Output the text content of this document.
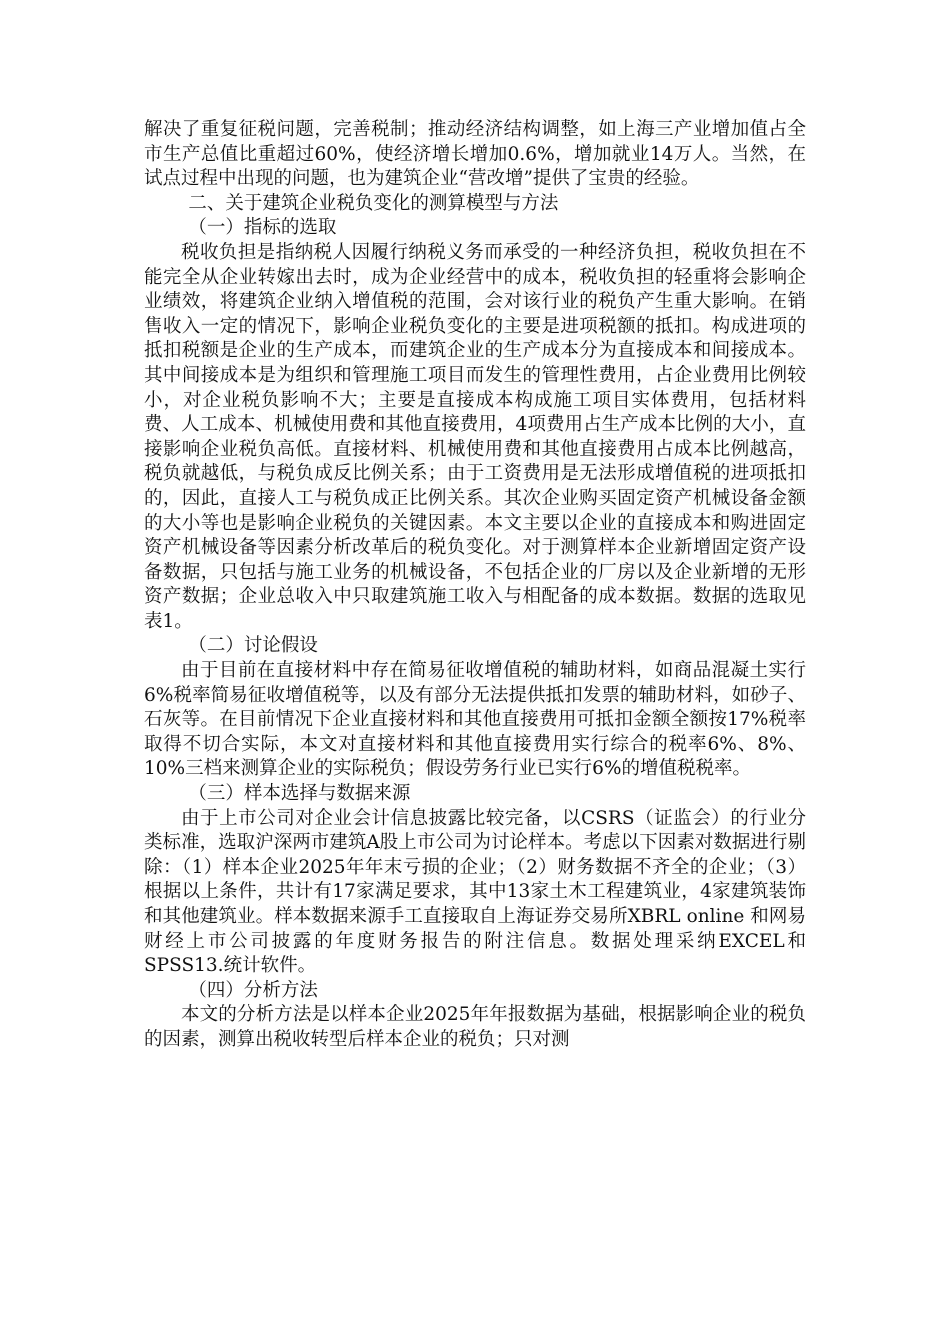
解决了重复征税问题，完善税制；推动经济结构调整，如上海三产业增加值占全市生产总值比重超过60%，使经济增长增加0.6%，增加就业14万人。当然，在试点过程中出现的问题，也为建筑企业“营改增”提供了宝贵的经验。

二、关于建筑企业税负变化的测算模型与方法

（一）指标的选取

税收负担是指纳税人因履行纳税义务而承受的一种经济负担，税收负担在不能完全从企业转嫁出去时，成为企业经营中的成本，税收负担的轻重将会影响企业绩效，将建筑企业纳入增值税的范围，会对该行业的税负产生重大影响。在销售收入一定的情况下，影响企业税负变化的主要是进项税额的抵扣。构成进项的抵扣税额是企业的生产成本，而建筑企业的生产成本分为直接成本和间接成本。其中间接成本是为组织和管理施工项目而发生的管理性费用，占企业费用比例较小，对企业税负影响不大；主要是直接成本构成施工项目实体费用，包括材料费、人工成本、机械使用费和其他直接费用，4项费用占生产成本比例的大小，直接影响企业税负高低。直接材料、机械使用费和其他直接费用占成本比例越高，税负就越低，与税负成反比例关系；由于工资费用是无法形成增值税的进项抵扣的，因此，直接人工与税负成正比例关系。其次企业购买固定资产机械设备金额的大小等也是影响企业税负的关键因素。本文主要以企业的直接成本和购进固定资产机械设备等因素分析改革后的税负变化。对于测算样本企业新增固定资产设备数据，只包括与施工业务的机械设备，不包括企业的厂房以及企业新增的无形资产数据；企业总收入中只取建筑施工收入与相配备的成本数据。数据的选取见表1。

（二）讨论假设

由于目前在直接材料中存在简易征收增值税的辅助材料，如商品混凝土实行6%税率简易征收增值税等，以及有部分无法提供抵扣发票的辅助材料，如砂子、石灰等。在目前情况下企业直接材料和其他直接费用可抵扣金额全额按17%税率取得不切合实际，本文对直接材料和其他直接费用实行综合的税率6%、8%、10%三档来测算企业的实际税负；假设劳务行业已实行6%的增值税税率。

（三）样本选择与数据来源

由于上市公司对企业会计信息披露比较完备，以CSRS（证监会）的行业分类标准，选取沪深两市建筑A股上市公司为讨论样本。考虑以下因素对数据进行剔除：（1）样本企业2025年年末亏损的企业；（2）财务数据不齐全的企业；（3）根据以上条件，共计有17家满足要求，其中13家土木工程建筑业，4家建筑装饰和其他建筑业。样本数据来源手工直接取自上海证券交易所XBRL online 和网易财经上市公司披露的年度财务报告的附注信息。数据处理采纳EXCEL和SPSS13.统计软件。

（四）分析方法

本文的分析方法是以样本企业2025年年报数据为基础，根据影响企业的税负的因素，测算出税收转型后样本企业的税负；只对测
